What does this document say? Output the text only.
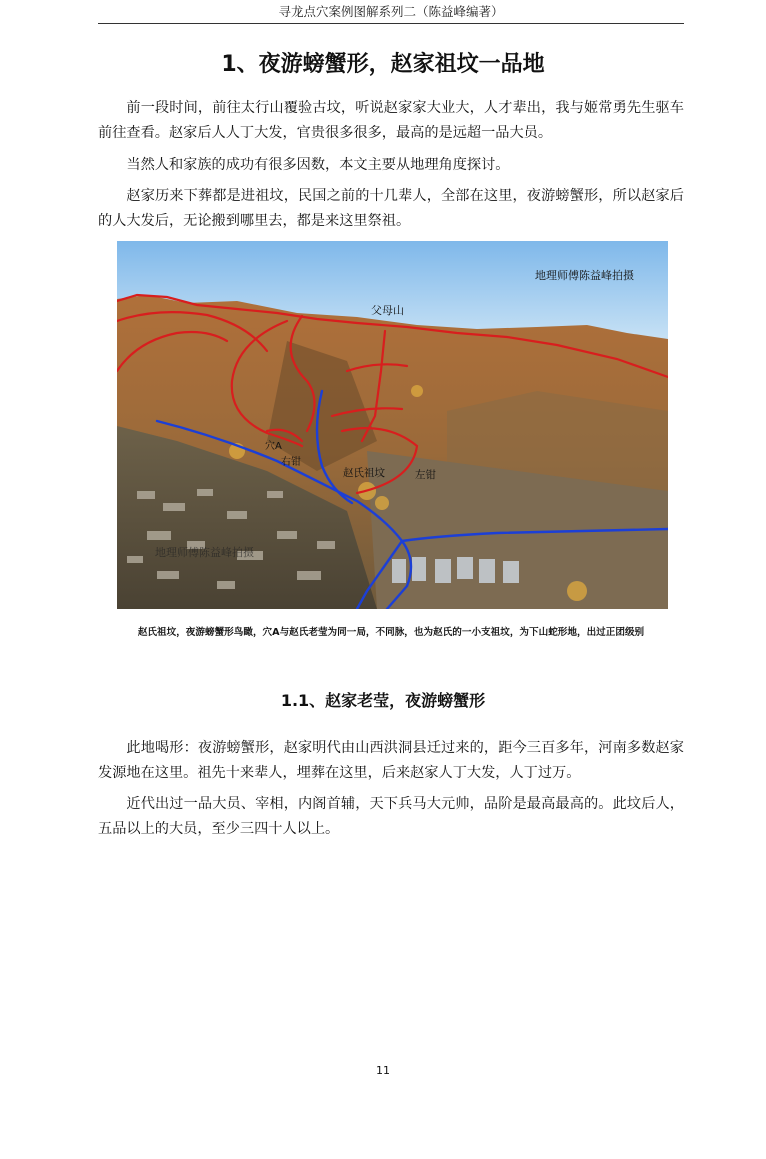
寻龙点穴案例图解系列二（陈益峰编著）
1、夜游螃蟹形，赵家祖坟一品地

前一段时间，前往太行山覆验古坟，听说赵家家大业大，人才辈出，我与姬常勇先生驱车前往查看。赵家后人人丁大发，官贵很多很多，最高的是远超一品大员。

当然人和家族的成功有很多因数，本文主要从地理角度探讨。

赵家历来下葬都是进祖坟，民国之前的十几辈人，全部在这里，夜游螃蟹形，所以赵家后的人大发后，无论搬到哪里去，都是来这里祭祖。

地理师傅陈益峰拍摄
父母山
穴A
右钳
赵氏祖坟	左钳
地理师傅陈益峰拍摄
赵氏祖坟，夜游螃蟹形鸟瞰，穴A与赵氏老莹为同一局，不同脉，也为赵氏的一小支祖坟，为下山蛇形地，出过正团级别
1.1、赵家老莹，夜游螃蟹形

此地喝形：夜游螃蟹形，赵家明代由山西洪洞县迁过来的，距今三百多年，河南多数赵家发源地在这里。祖先十来辈人，埋葬在这里，后来赵家人丁大发，人丁过万。

近代出过一品大员、宰相，内阁首辅，天下兵马大元帅，品阶是最高最高的。此坟后人，五品以上的大员，至少三四十人以上。

11
